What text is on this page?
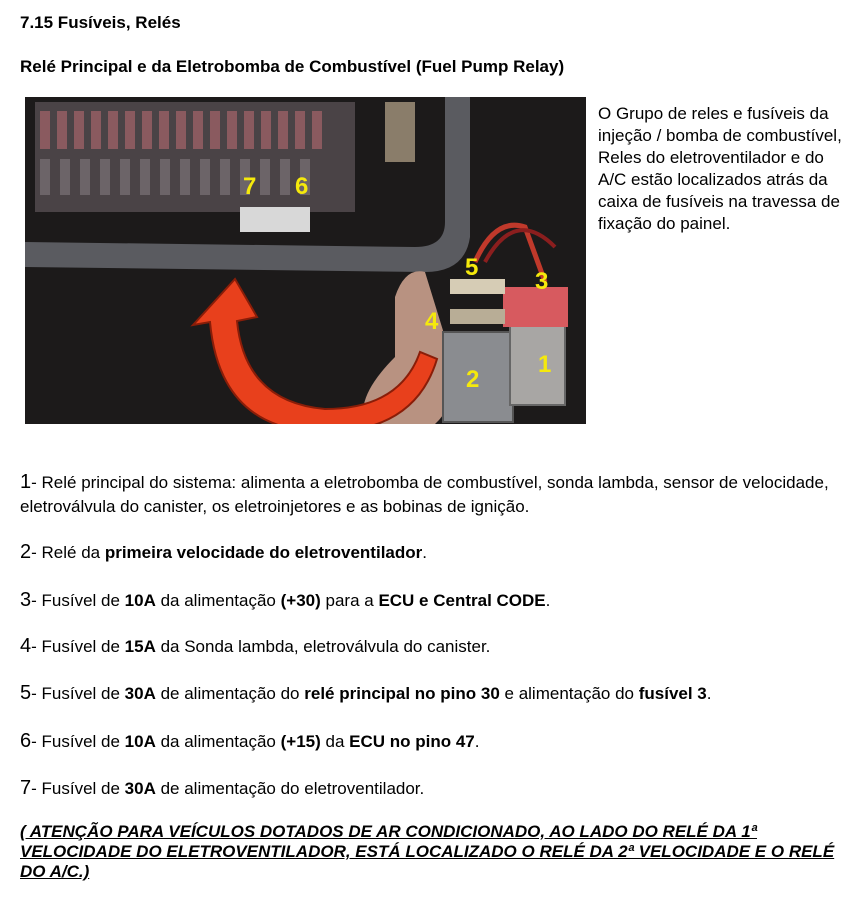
7.15 Fusíveis, Relés
Relé Principal e da Eletrobomba de Combustível (Fuel Pump Relay)
7 6
5
3
4
2
1
O Grupo de reles e fusíveis da injeção / bomba de combustível, Reles do eletroventilador e do A/C estão localizados atrás da caixa de fusíveis na travessa de fixação do painel.
1- Relé principal do sistema: alimenta a eletrobomba de combustível, sonda lambda, sensor de velocidade, eletroválvula do canister, os eletroinjetores e as bobinas de ignição.
2- Relé da primeira velocidade do eletroventilador.
3- Fusível de 10A da alimentação (+30) para a ECU e Central CODE.
4- Fusível de 15A da Sonda lambda, eletroválvula do canister.
5- Fusível de 30A de alimentação do relé principal no pino 30 e alimentação do fusível 3.
6- Fusível de 10A da alimentação (+15) da ECU no pino 47.
7- Fusível de 30A de alimentação do eletroventilador.
( ATENÇÃO PARA VEÍCULOS DOTADOS DE AR CONDICIONADO, AO LADO DO RELÉ DA 1ª VELOCIDADE DO ELETROVENTILADOR, ESTÁ LOCALIZADO O RELÉ DA 2ª VELOCIDADE E O RELÉ DO A/C.)
